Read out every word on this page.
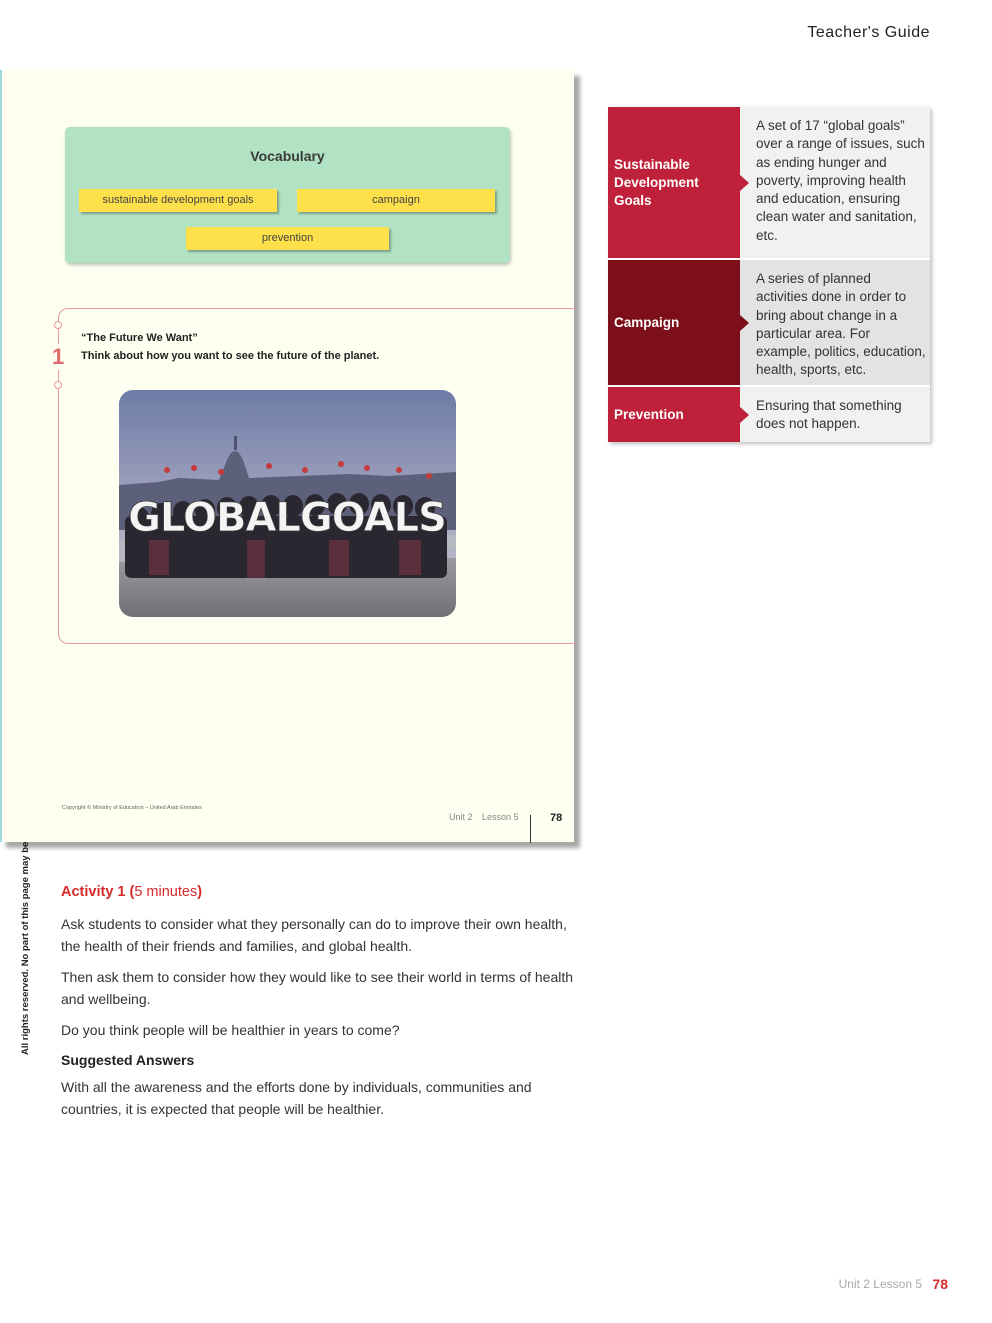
Teacher's Guide
Vocabulary
sustainable development goals	campaign
prevention
1
“The Future We Want”
Think about how you want to see the future of the planet.
GLOBALGOALS
Copyright © Ministry of Education – United Arab Emirates
Unit 2 Lesson 5	78
Sustainable Development Goals
A set of 17 “global goals” over a range of issues, such as ending hunger and poverty, improving health and education, ensuring clean water and sanitation, etc.
Campaign
A series of planned activities done in order to bring about change in a particular area. For example, politics, education, health, sports, etc.
Prevention
Ensuring that something does not happen.
Activity 1 (5 minutes)

Ask students to consider what they personally can do to improve their own health, the health of their friends and families, and global health.

Then ask them to consider how they would like to see their world in terms of health and wellbeing.

Do you think people will be healthier in years to come?

Suggested Answers

With all the awareness and the efforts done by individuals, communities and countries, it is expected that people will be healthier.

Unit 2 Lesson 5 78
